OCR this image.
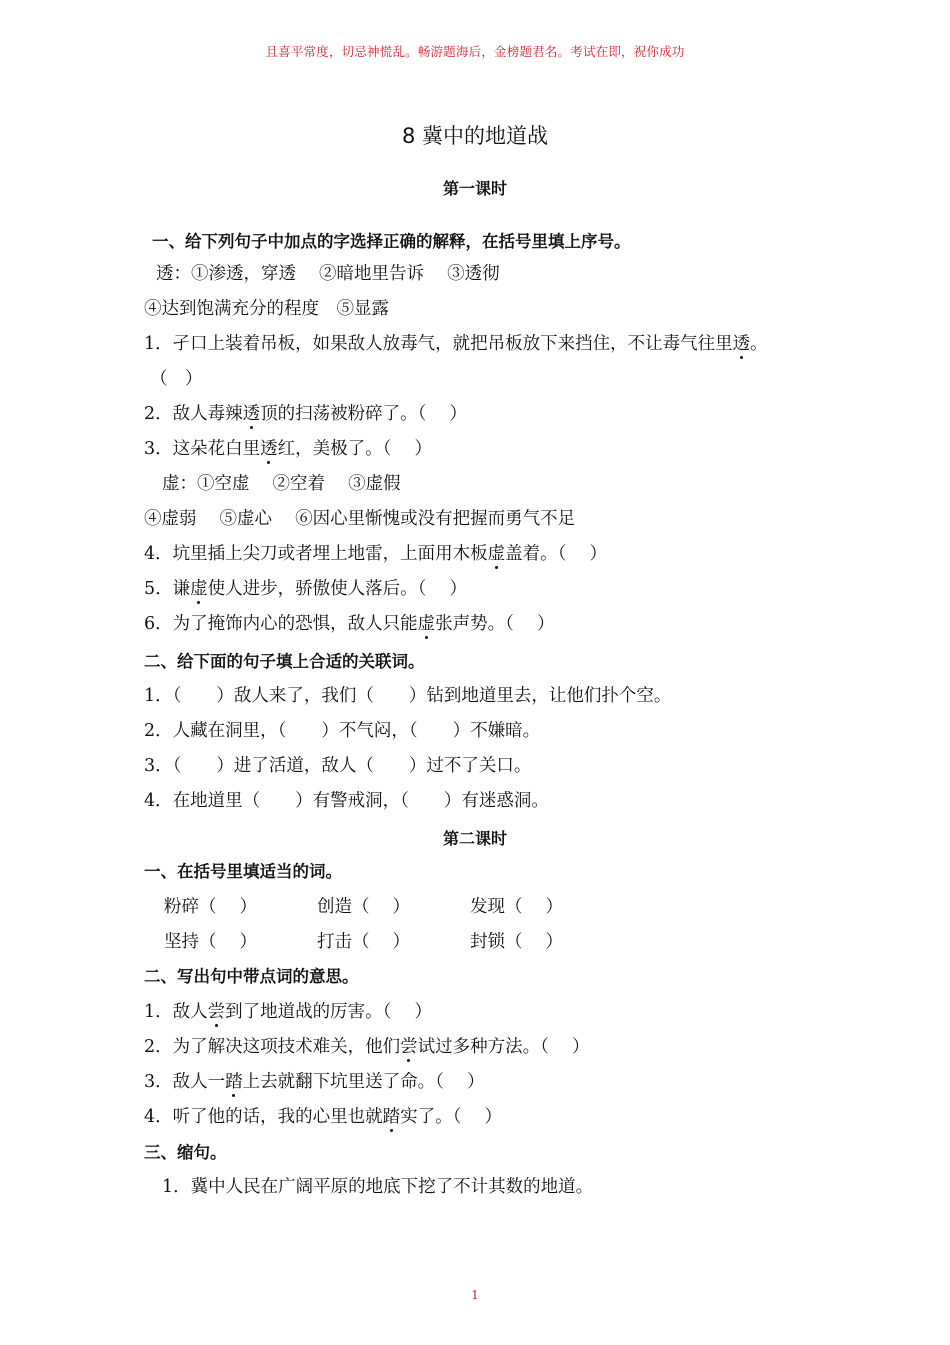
且喜平常度，切忌神慌乱。畅游题海后，金榜题君名。考试在即，祝你成功
8 冀中的地道战
第一课时
一、给下列句子中加点的字选择正确的解释，在括号里填上序号。
透：①渗透，穿透　 ②暗地里告诉　 ③透彻
④达到饱满充分的程度　⑤显露
1．孑口上装着吊板，如果敌人放毒气，就把吊板放下来挡住，不让毒气往里透。
（　）
2．敌人毒辣透顶的扫荡被粉碎了。（　 ）
3．这朵花白里透红，美极了。（　 ）
虚：①空虚　 ②空着　 ③虚假
④虚弱　 ⑤虚心　 ⑥因心里惭愧或没有把握而勇气不足
4．坑里插上尖刀或者埋上地雷，上面用木板虚盖着。（　 ）
5．谦虚使人进步，骄傲使人落后。（　 ）
6．为了掩饰内心的恐惧，敌人只能虚张声势。（　 ）
二、给下面的句子填上合适的关联词。
1．（　　）敌人来了，我们（　　）钻到地道里去，让他们扑个空。
2．人藏在洞里，（　　）不气闷，（　　）不嫌暗。
3．（　　）进了活道，敌人（　　）过不了关口。
4．在地道里（　　）有警戒洞，（　　）有迷惑洞。
第二课时
一、在括号里填适当的词。
粉碎（　 ）	创造（　 ）	发现（　 ）
坚持（　 ）	打击（　 ）	封锁（　 ）
二、写出句中带点词的意思。
1．敌人尝到了地道战的厉害。（　 ）
2．为了解决这项技术难关，他们尝试过多种方法。（　 ）
3．敌人一踏上去就翻下坑里送了命。（　 ）
4．听了他的话，我的心里也就踏实了。（　 ）
三、缩句。
1．冀中人民在广阔平原的地底下挖了不计其数的地道。
1
